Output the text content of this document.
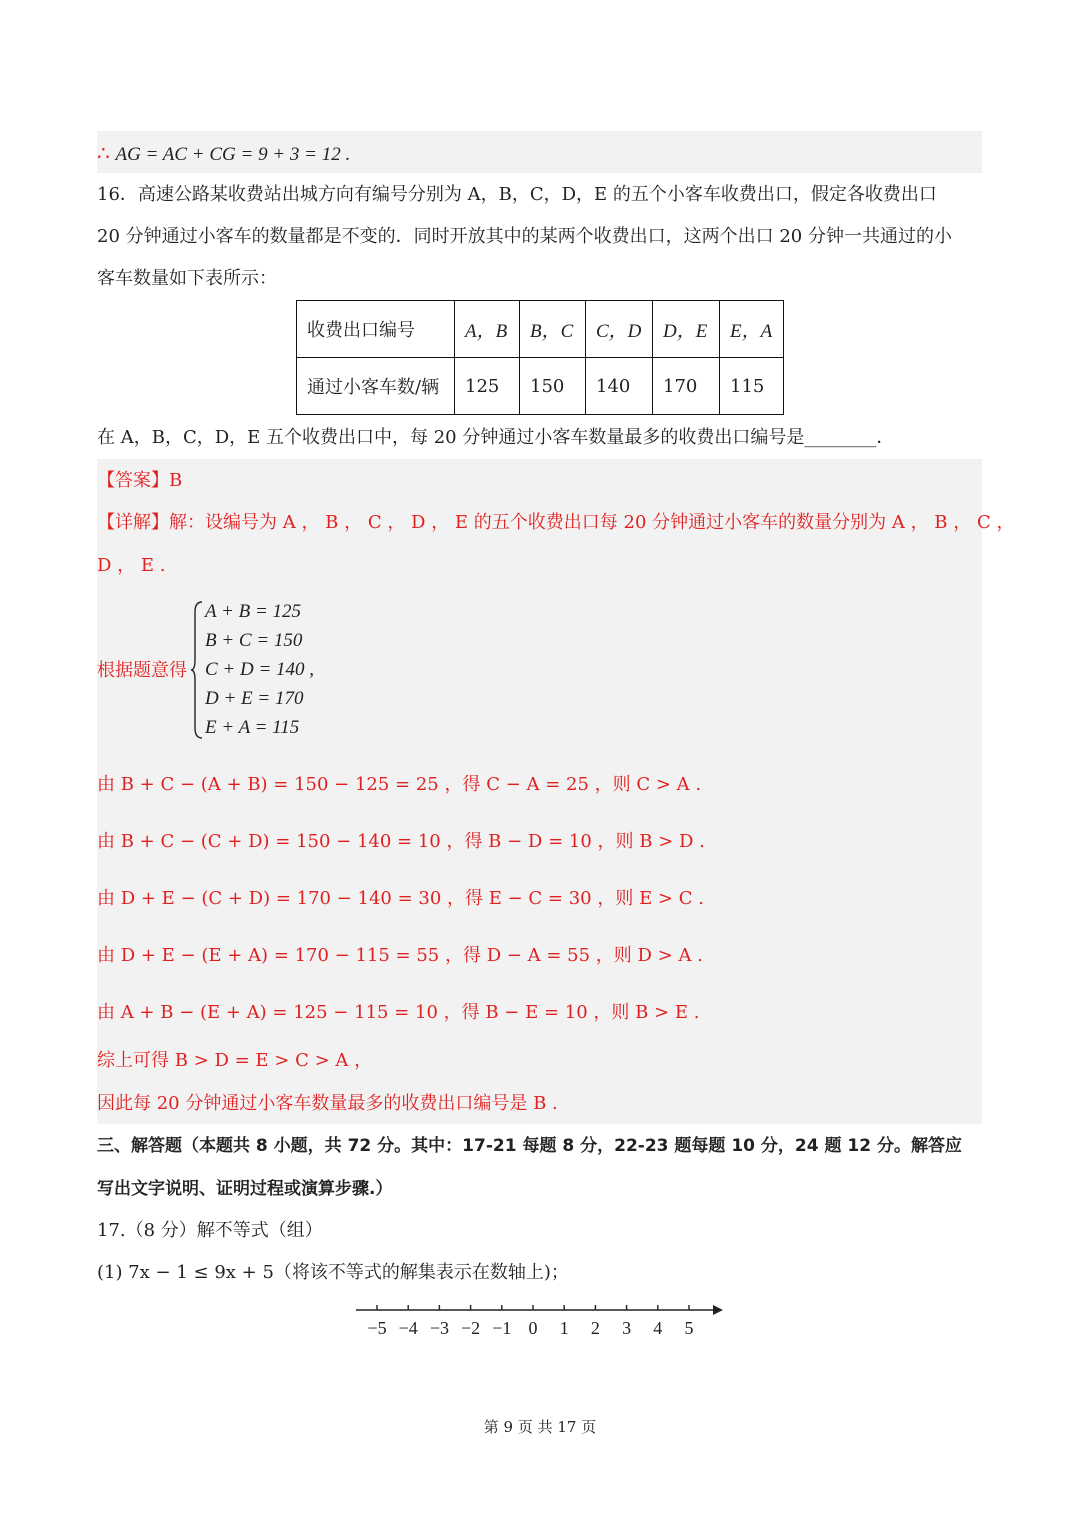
∴ AG = AC + CG = 9 + 3 = 12 .
16．高速公路某收费站出城方向有编号分别为 A，B，C，D，E 的五个小客车收费出口，假定各收费出口
20 分钟通过小客车的数量都是不变的．同时开放其中的某两个收费出口，这两个出口 20 分钟一共通过的小
客车数量如下表所示：
收费出口编号	A，B	B，C	C，D	D，E	E，A
通过小客车数/辆	125	150	140	170	115
在 A，B，C，D，E 五个收费出口中，每 20 分钟通过小客车数量最多的收费出口编号是________．
【答案】B
【详解】解：设编号为 A ， B ， C ， D ， E 的五个收费出口每 20 分钟通过小客车的数量分别为 A ， B ， C ，
D ， E .
根据题意得
A + B = 125
B + C = 150
C + D = 140 ,
D + E = 170
E + A = 115
由 B + C − (A + B) = 150 − 125 = 25 ，得 C − A = 25 ，则 C > A .
由 B + C − (C + D) = 150 − 140 = 10 ，得 B − D = 10 ，则 B > D .
由 D + E − (C + D) = 170 − 140 = 30 ，得 E − C = 30 ，则 E > C .
由 D + E − (E + A) = 170 − 115 = 55 ，得 D − A = 55 ，则 D > A .
由 A + B − (E + A) = 125 − 115 = 10 ，得 B − E = 10 ，则 B > E .
综上可得 B > D = E > C > A ，
因此每 20 分钟通过小客车数量最多的收费出口编号是 B .
三、解答题（本题共 8 小题，共 72 分。其中：17-21 每题 8 分，22-23 题每题 10 分，24 题 12 分。解答应
写出文字说明、证明过程或演算步骤.）
17.（8 分）解不等式（组）
(1) 7x − 1 ≤ 9x + 5（将该不等式的解集表示在数轴上)；
−5 −4 −3 −2 −1 0 1 2 3 4 5
第 9 页 共 17 页
